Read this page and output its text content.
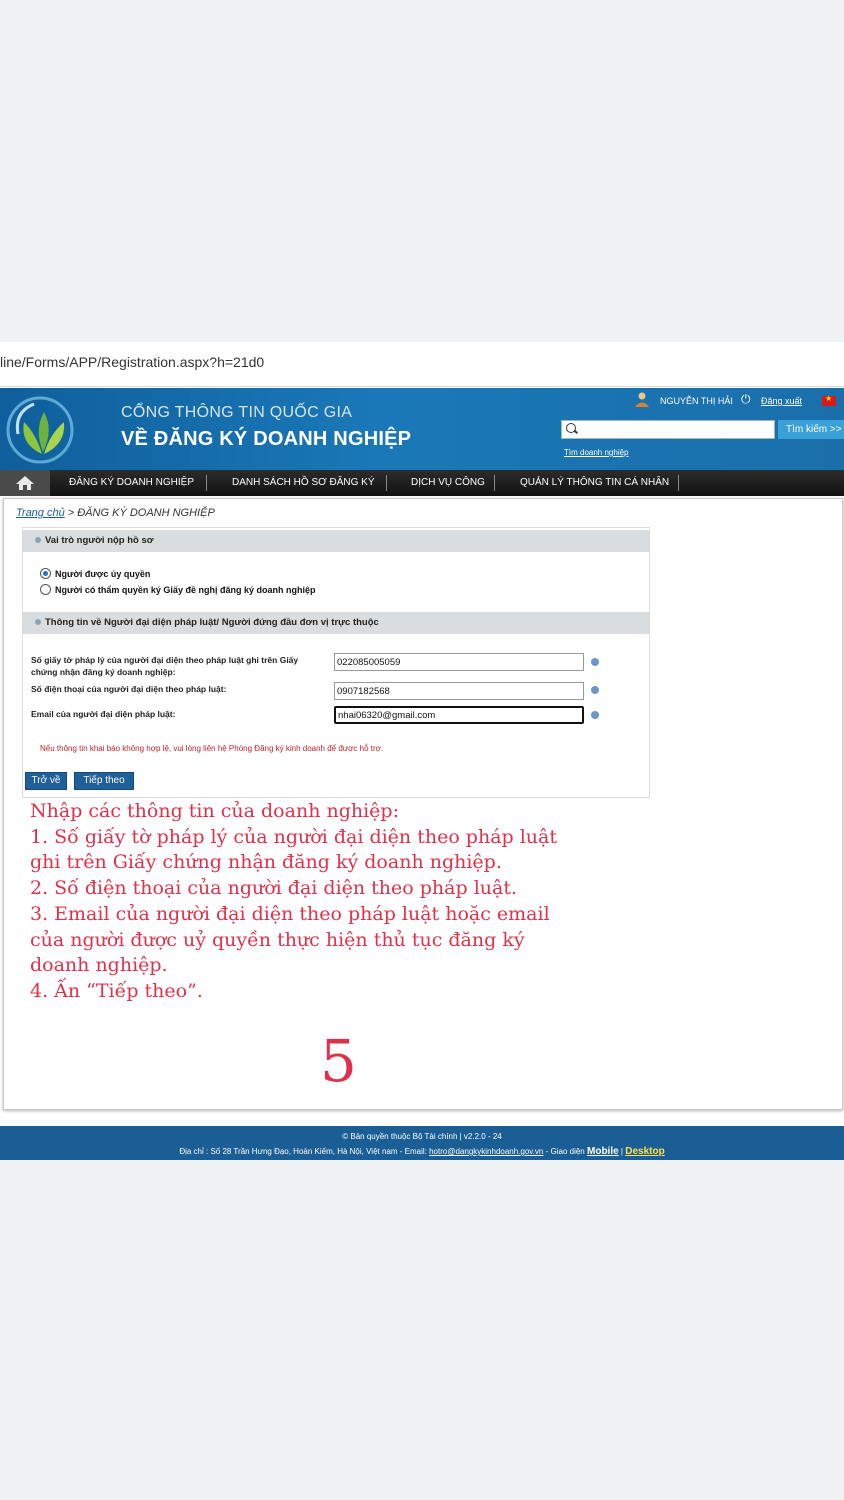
line/Forms/APP/Registration.aspx?h=21d0
CỔNG THÔNG TIN QUỐC GIA
VỀ ĐĂNG KÝ DOANH NGHIỆP
NGUYỄN THỊ HẢI ⏻ Đăng xuất
★
Tìm kiếm >>
Tìm doanh nghiệp
ĐĂNG KÝ DOANH NGHIỆP	DANH SÁCH HỒ SƠ ĐĂNG KÝ	DỊCH VỤ CÔNG	QUẢN LÝ THÔNG TIN CÁ NHÂN
Trang chủ > ĐĂNG KÝ DOANH NGHIỆP
Vai trò người nộp hồ sơ
Người được ủy quyền
Người có thẩm quyền ký Giấy đề nghị đăng ký doanh nghiệp
Thông tin về Người đại diện pháp luật/ Người đứng đầu đơn vị trực thuộc
Số giấy tờ pháp lý của người đại diện theo pháp luật ghi trên Giấy chứng nhận đăng ký doanh nghiệp:
022085005059
Số điện thoại của người đại diện theo pháp luật:	0907182568
Email của người đại diện pháp luật:	nhai06320@gmail.com
Nếu thông tin khai báo không hợp lệ, vui lòng liên hệ Phòng Đăng ký kinh doanh để được hỗ trợ.
Trở về	Tiếp theo
Nhập các thông tin của doanh nghiệp:
1. Số giấy tờ pháp lý của người đại diện theo pháp luật
ghi trên Giấy chứng nhận đăng ký doanh nghiệp.
2. Số điện thoại của người đại diện theo pháp luật.
3. Email của người đại diện theo pháp luật hoặc email
của người được uỷ quyền thực hiện thủ tục đăng ký
doanh nghiệp.
4. Ấn “Tiếp theo”.
5
© Bản quyền thuộc Bộ Tài chính | v2.2.0 - 24
Địa chỉ : Số 28 Trần Hưng Đạo, Hoàn Kiếm, Hà Nội, Việt nam - Email: hotro@dangkykinhdoanh.gov.vn - Giao diện Mobile | Desktop
